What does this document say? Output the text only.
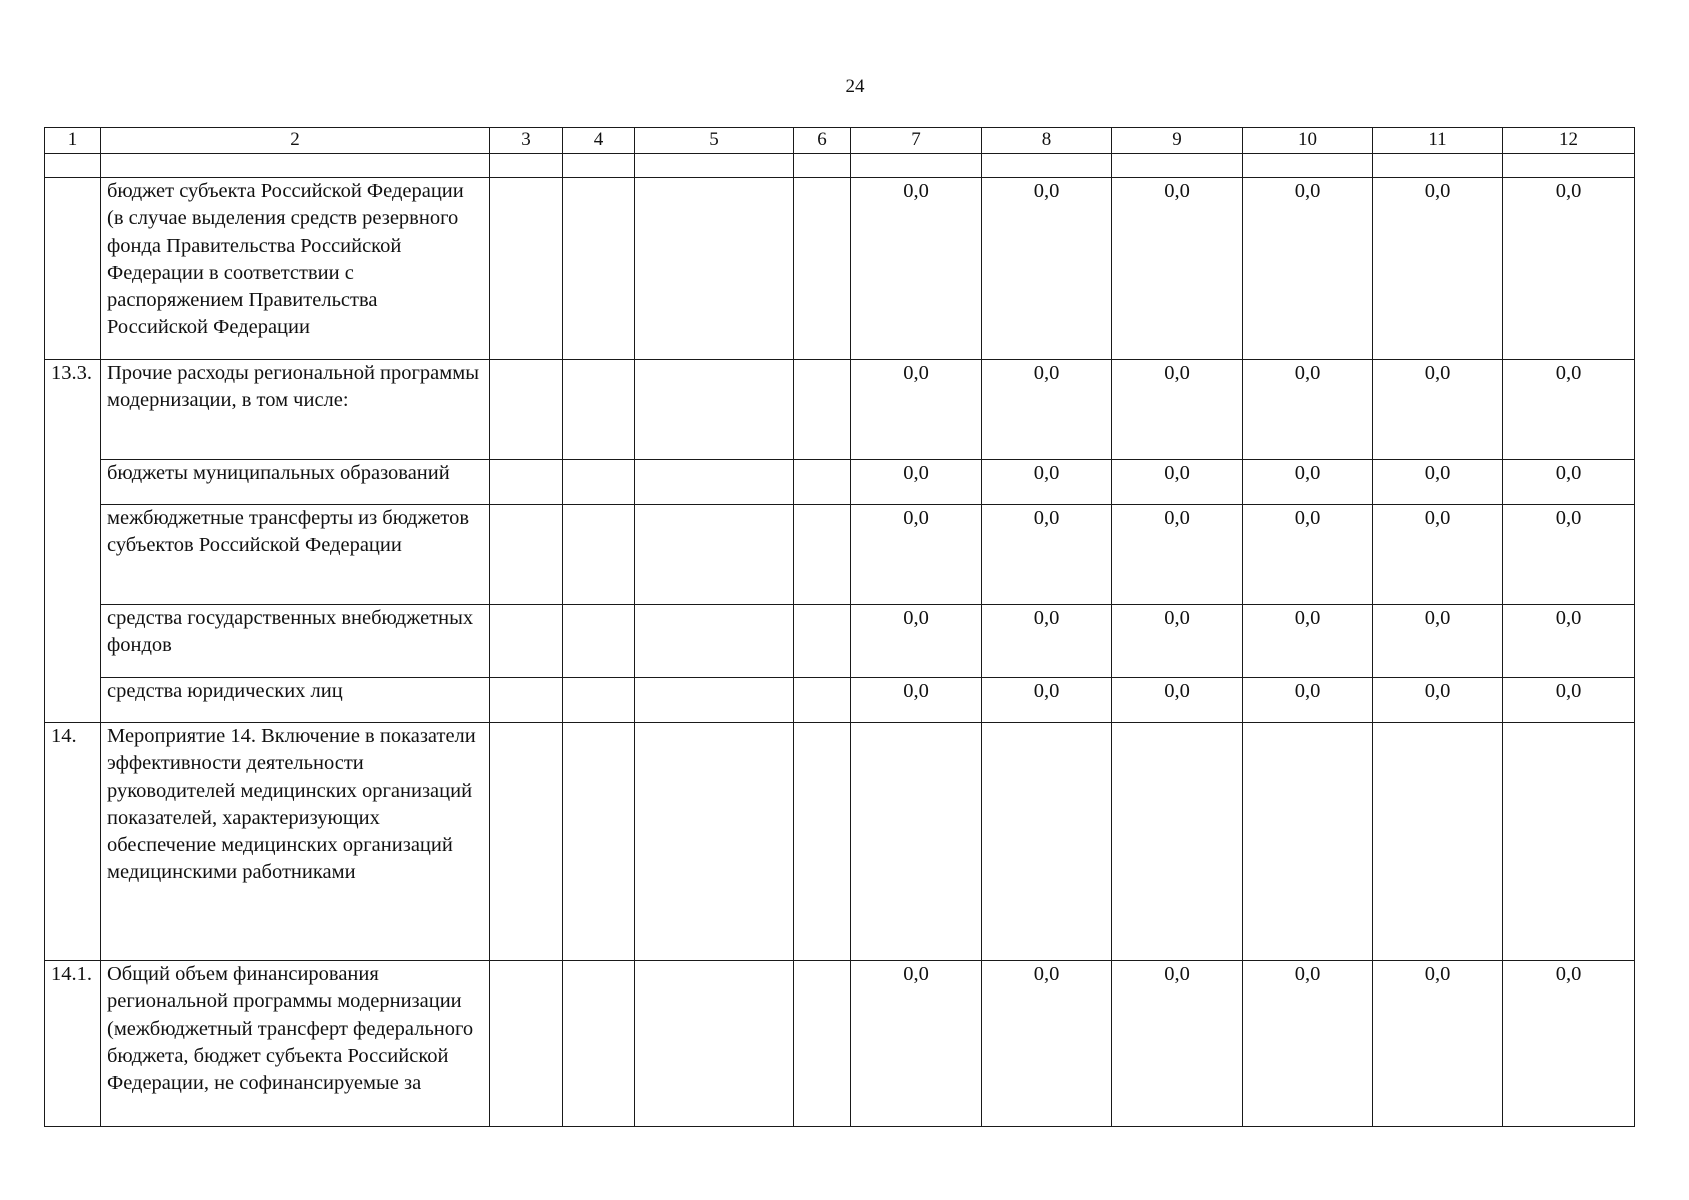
24
1	2	3	4	5	6	7	8	9	10	11	12

	бюджет субъекта Российской Федерации (в случае выделения средств резервного фонда Правительства Российской Федерации в соответствии с распоряжением Правительства Российской Федерации					0,0	0,0	0,0	0,0	0,0	0,0
13.3.	Прочие расходы региональной программы модернизации, в том числе:					0,0	0,0	0,0	0,0	0,0	0,0
	бюджеты муниципальных образований					0,0	0,0	0,0	0,0	0,0	0,0
	межбюджетные трансферты из бюджетов субъектов Российской Федерации					0,0	0,0	0,0	0,0	0,0	0,0
	средства государственных внебюджетных фондов					0,0	0,0	0,0	0,0	0,0	0,0
	средства юридических лиц					0,0	0,0	0,0	0,0	0,0	0,0
14.	Мероприятие 14. Включение в показатели эффективности деятельности руководителей медицинских организаций показателей, характеризующих обеспечение медицинских организаций медицинскими работниками										
14.1.	Общий объем финансирования региональной программы модернизации (межбюджетный трансферт федерального бюджета, бюджет субъекта Российской Федерации, не софинансируемые за					0,0	0,0	0,0	0,0	0,0	0,0
